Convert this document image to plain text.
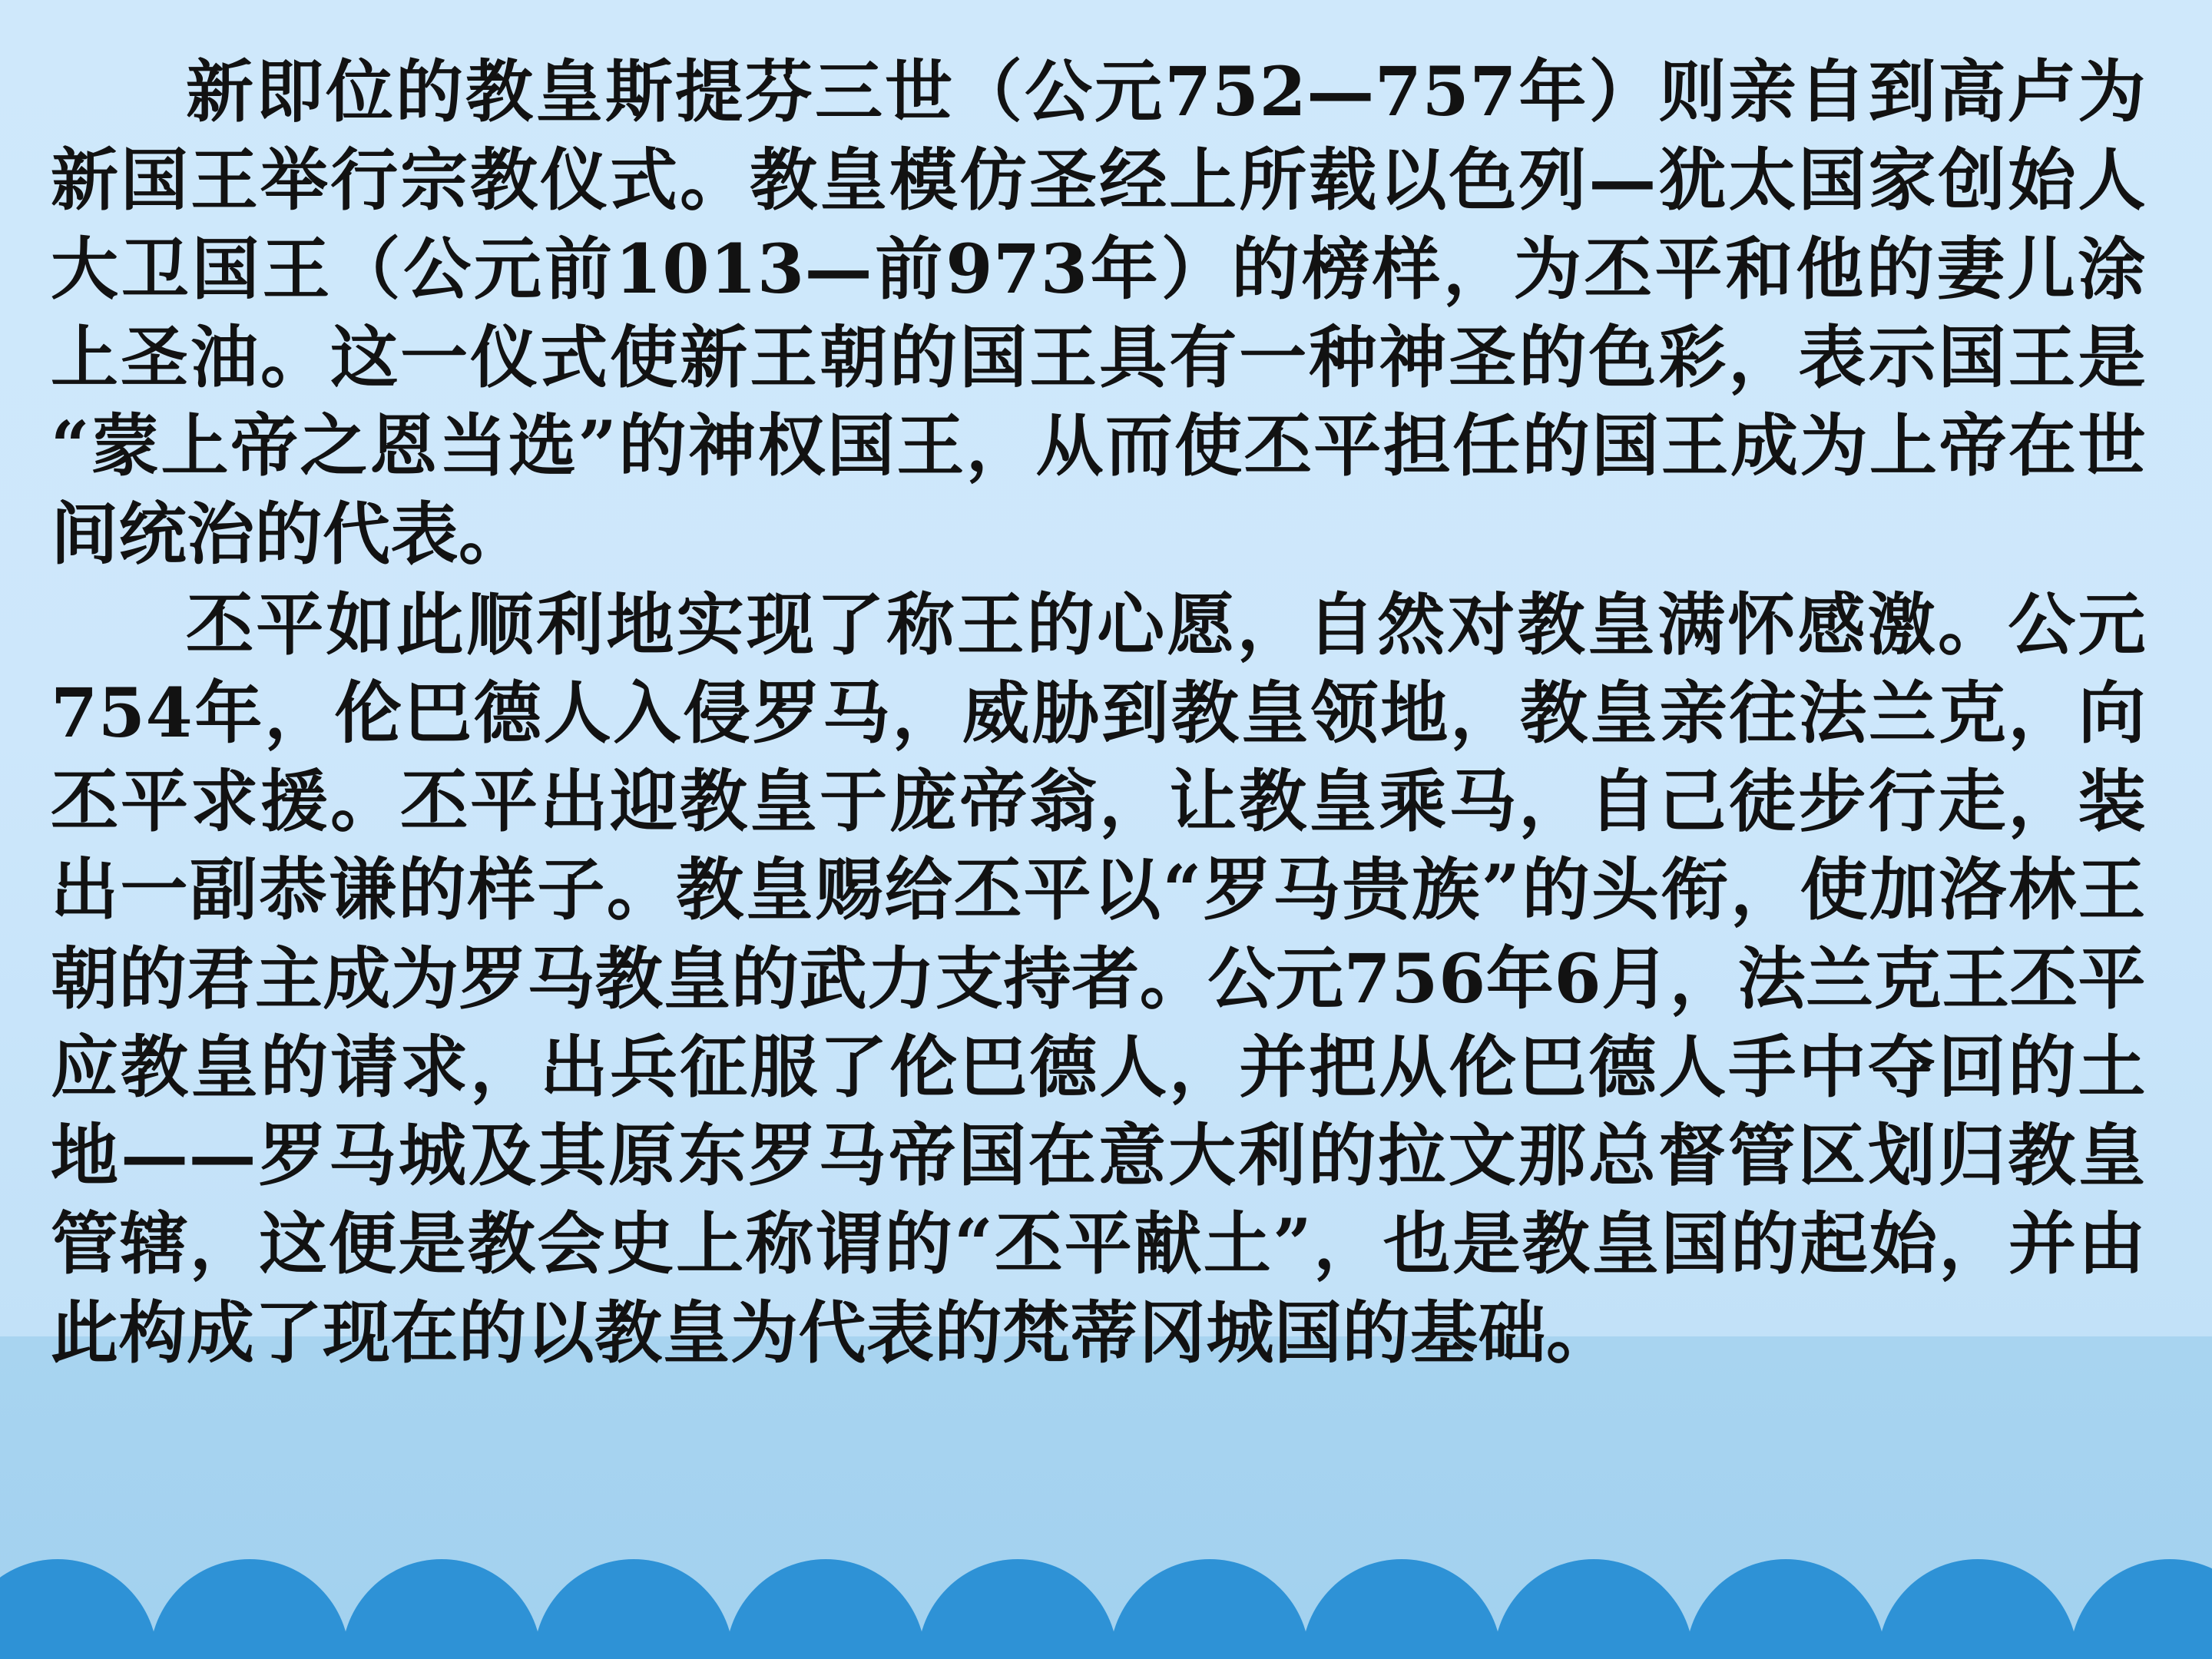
新即位的教皇斯提芬三世（公元752—757年）则亲自到高卢为新国王举行宗教仪式。教皇模仿圣经上所载以色列—犹太国家创始人大卫国王（公元前1013—前973年）的榜样，为丕平和他的妻儿涂上圣油。这一仪式使新王朝的国王具有一种神圣的色彩，表示国王是“蒙上帝之恩当选”的神权国王，从而使丕平担任的国王成为上帝在世间统治的代表。

丕平如此顺利地实现了称王的心愿，自然对教皇满怀感激。公元754年，伦巴德人入侵罗马，威胁到教皇领地，教皇亲往法兰克，向丕平求援。丕平出迎教皇于庞帝翁，让教皇乘马，自己徒步行走，装出一副恭谦的样子。教皇赐给丕平以“罗马贵族”的头衔，使加洛林王朝的君主成为罗马教皇的武力支持者。公元756年6月，法兰克王丕平应教皇的请求，出兵征服了伦巴德人，并把从伦巴德人手中夺回的土地——罗马城及其原东罗马帝国在意大利的拉文那总督管区划归教皇管辖，这便是教会史上称谓的“丕平献土”，也是教皇国的起始，并由此构成了现在的以教皇为代表的梵蒂冈城国的基础。
